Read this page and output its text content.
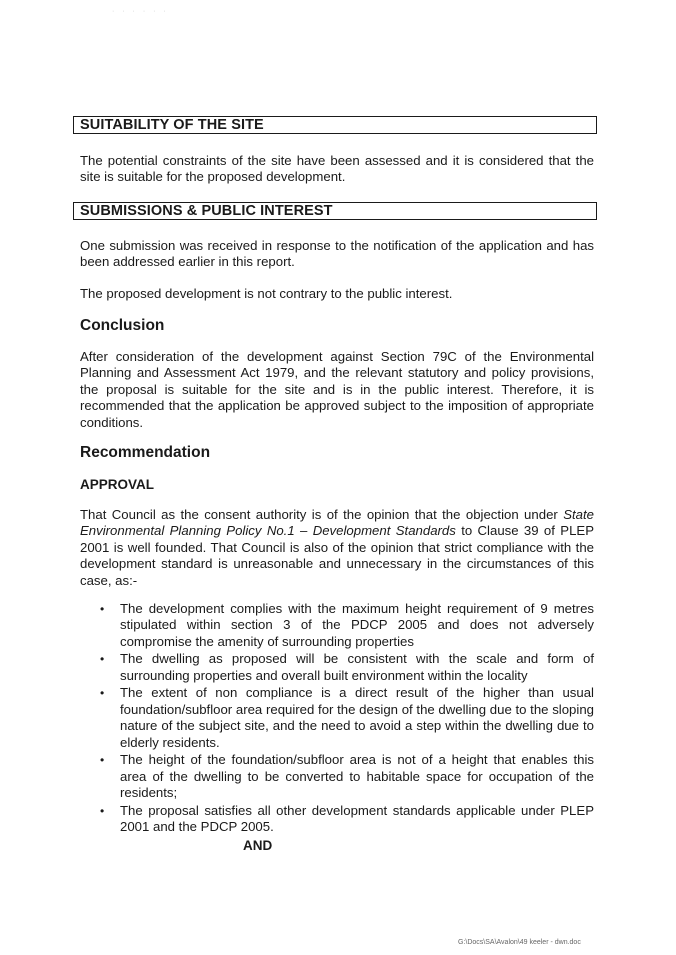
· · · · · ·
SUITABILITY OF THE SITE

The potential constraints of the site have been assessed and it is considered that the site is suitable for the proposed development.

SUBMISSIONS & PUBLIC INTEREST

One submission was received in response to the notification of the application and has been addressed earlier in this report.

The proposed development is not contrary to the public interest.

Conclusion

After consideration of the development against Section 79C of the Environmental Planning and Assessment Act 1979, and the relevant statutory and policy provisions, the proposal is suitable for the site and is in the public interest. Therefore, it is recommended that the application be approved subject to the imposition of appropriate conditions.

Recommendation
APPROVAL

That Council as the consent authority is of the opinion that the objection under State Environmental Planning Policy No.1 – Development Standards to Clause 39 of PLEP 2001 is well founded. That Council is also of the opinion that strict compliance with the development standard is unreasonable and unnecessary in the circumstances of this case, as:-

• The development complies with the maximum height requirement of 9 metres stipulated within section 3 of the PDCP 2005 and does not adversely compromise the amenity of surrounding properties
• The dwelling as proposed will be consistent with the scale and form of surrounding properties and overall built environment within the locality
• The extent of non compliance is a direct result of the higher than usual foundation/subfloor area required for the design of the dwelling due to the sloping nature of the subject site, and the need to avoid a step within the dwelling due to elderly residents.
• The height of the foundation/subfloor area is not of a height that enables this area of the dwelling to be converted to habitable space for occupation of the residents;
• The proposal satisfies all other development standards applicable under PLEP 2001 and the PDCP 2005.
AND
G:\Docs\SA\Avalon\49 keeler - dwn.doc
